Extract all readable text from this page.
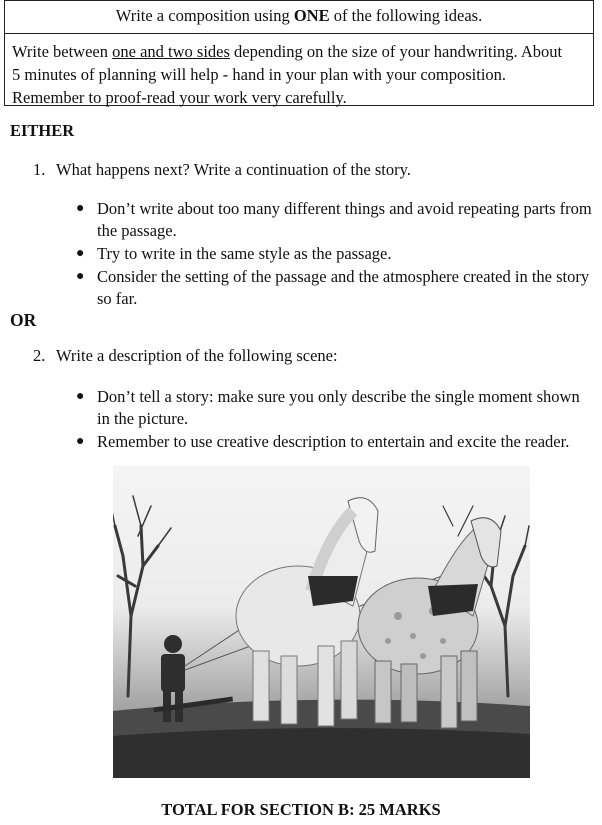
Write a composition using ONE of the following ideas.
Write between one and two sides depending on the size of your handwriting. About
5 minutes of planning will help - hand in your plan with your composition.
Remember to proof-read your work very carefully.
EITHER
1. What happens next? Write a continuation of the story.
● Don’t write about too many different things and avoid repeating parts from the passage.
● Try to write in the same style as the passage.
● Consider the setting of the passage and the atmosphere created in the story so far.
OR
2. Write a description of the following scene:
● Don’t tell a story: make sure you only describe the single moment shown in the picture.
● Remember to use creative description to entertain and excite the reader.
TOTAL FOR SECTION B: 25 MARKS
